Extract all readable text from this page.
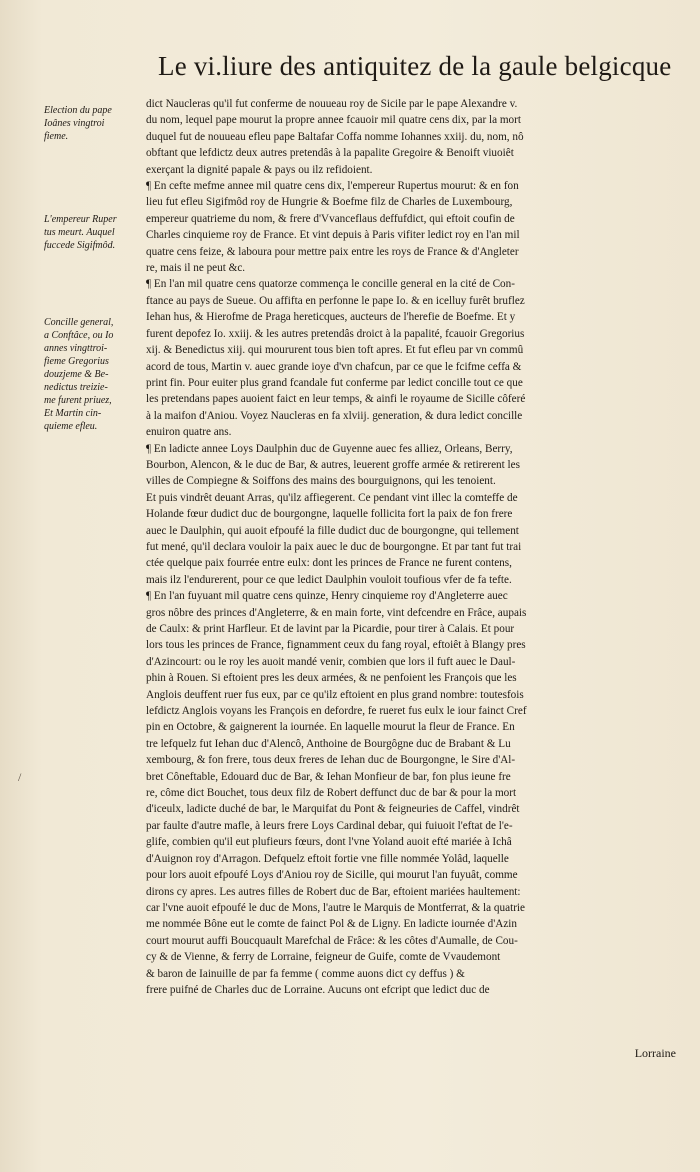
Le vi.liure des antiquitez de la gaule belgicque
Election du pape
Ioânes vingtroi
fieme.
L'empereur Ruper
tus meurt. Auquel
fuccede Sigifmôd.
Concille general,
a Conftâce, ou Io
annes vingttroi-
fieme Gregorius
douzjeme & Be-
nedictus treizie-
me furent priuez,
Et Martin cin-
quieme efleu.
dict Naucleras qu'il fut conferme de nouueau roy de Sicile par le pape Alexandre v.
du nom, lequel pape mourut la propre annee fcauoir mil quatre cens dix, par la mort
duquel fut de nouueau efleu pape Baltafar Coffa nomme Iohannes xxiij. du, nom, nô
obftant que lefdictz deux autres pretendâs à la papalite Gregoire & Benoift viuoiêt
exerçant la dignité papale & pays ou ilz refidoient.
¶ En cefte mefme annee mil quatre cens dix, l'empereur Rupertus mourut: & en fon
lieu fut efleu Sigifmôd roy de Hungrie & Boefme filz de Charles de Luxembourg,
empereur quatrieme du nom, & frere d'Vvanceflaus deffufdict, qui eftoit coufin de
Charles cinquieme roy de France. Et vint depuis à Paris vifiter ledict roy en l'an mil
quatre cens feize, & laboura pour mettre paix entre les roys de France & d'Angleter
re, mais il ne peut &c.
¶ En l'an mil quatre cens quatorze commença le concille general en la cité de Con-
ftance au pays de Sueue. Ou affifta en perfonne le pape Io. & en icelluy furêt bruflez
Iehan hus, & Hierofme de Praga hereticques, aucteurs de l'herefie de Boefme. Et y
furent depofez Io. xxiij. & les autres pretendâs droict à la papalité, fcauoir Gregorius
xij. & Benedictus xiij. qui moururent tous bien toft apres. Et fut efleu par vn commû
acord de tous, Martin v. auec grande ioye d'vn chafcun, par ce que le fcifme ceffa &
print fin. Pour euiter plus grand fcandale fut conferme par ledict concille tout ce que
les pretendans papes auoient faict en leur temps, & ainfi le royaume de Sicille côferé
à la maifon d'Aniou. Voyez Naucleras en fa xlviij. generation, & dura ledict concille
enuiron quatre ans.
¶ En ladicte annee Loys Daulphin duc de Guyenne auec fes alliez, Orleans, Berry,
Bourbon, Alencon, & le duc de Bar, & autres, leuerent groffe armée & retirerent les
villes de Compiegne & Soiffons des mains des bourguignons, qui les tenoient.
Et puis vindrêt deuant Arras, qu'ilz affiegerent. Ce pendant vint illec la comteffe de
Holande fœur dudict duc de bourgongne, laquelle follicita fort la paix de fon frere
auec le Daulphin, qui auoit efpoufé la fille dudict duc de bourgongne, qui tellement
fut mené, qu'il declara vouloir la paix auec le duc de bourgongne. Et par tant fut trai
ctée quelque paix fourrée entre eulx: dont les princes de France ne furent contens,
mais ilz l'endurerent, pour ce que ledict Daulphin vouloit toufious vfer de fa tefte.
¶ En l'an fuyuant mil quatre cens quinze, Henry cinquieme roy d'Angleterre auec
gros nôbre des princes d'Angleterre, & en main forte, vint defcendre en Frâce, aupais
de Caulx: & print Harfleur. Et de lavint par la Picardie, pour tirer à Calais. Et pour
lors tous les princes de France, fignamment ceux du fang royal, eftoiêt à Blangy pres
d'Azincourt: ou le roy les auoit mandé venir, combien que lors il fuft auec le Daul-
phin à Rouen. Si eftoient pres les deux armées, & ne penfoient les François que les
Anglois deuffent ruer fus eux, par ce qu'ilz eftoient en plus grand nombre: toutesfois
lefdictz Anglois voyans les François en defordre, fe rueret fus eulx le iour fainct Cref
pin en Octobre, & gaignerent la iournée. En laquelle mourut la fleur de France. En
tre lefquelz fut Iehan duc d'Alencô, Anthoine de Bourgôgne duc de Brabant & Lu
xembourg, & fon frere, tous deux freres de Iehan duc de Bourgongne, le Sire d'Al-
bret Côneftable, Edouard duc de Bar, & Iehan Monfieur de bar, fon plus ieune fre
re, côme dict Bouchet, tous deux filz de Robert deffunct duc de bar & pour la mort
d'iceulx, ladicte duché de bar, le Marquifat du Pont & feigneuries de Caffel, vindrêt
par faulte d'autre mafle, à leurs frere Loys Cardinal debar, qui fuiuoit l'eftat de l'e-
glife, combien qu'il eut plufieurs fœurs, dont l'vne Yoland auoit efté mariée à Ichâ
d'Auignon roy d'Arragon. Defquelz eftoit fortie vne fille nommée Yolâd, laquelle
pour lors auoit efpoufé Loys d'Aniou roy de Sicille, qui mourut l'an fuyuât, comme
dirons cy apres. Les autres filles de Robert duc de Bar, eftoient mariées haultement:
car l'vne auoit efpoufé le duc de Mons, l'autre le Marquis de Montferrat, & la quatrie
me nommée Bône eut le comte de fainct Pol & de Ligny. En ladicte iournée d'Azin
court mourut auffi Boucquault Marefchal de Frâce: & les côtes d'Aumalle, de Cou-
cy & de Vienne, & ferry de Lorraine, feigneur de Guife, comte de Vvaudemont
& baron de Iainuille de par fa femme ( comme auons dict cy deffus ) &
frere puifné de Charles duc de Lorraine. Aucuns ont efcript que ledict duc de
Lorraine
/
